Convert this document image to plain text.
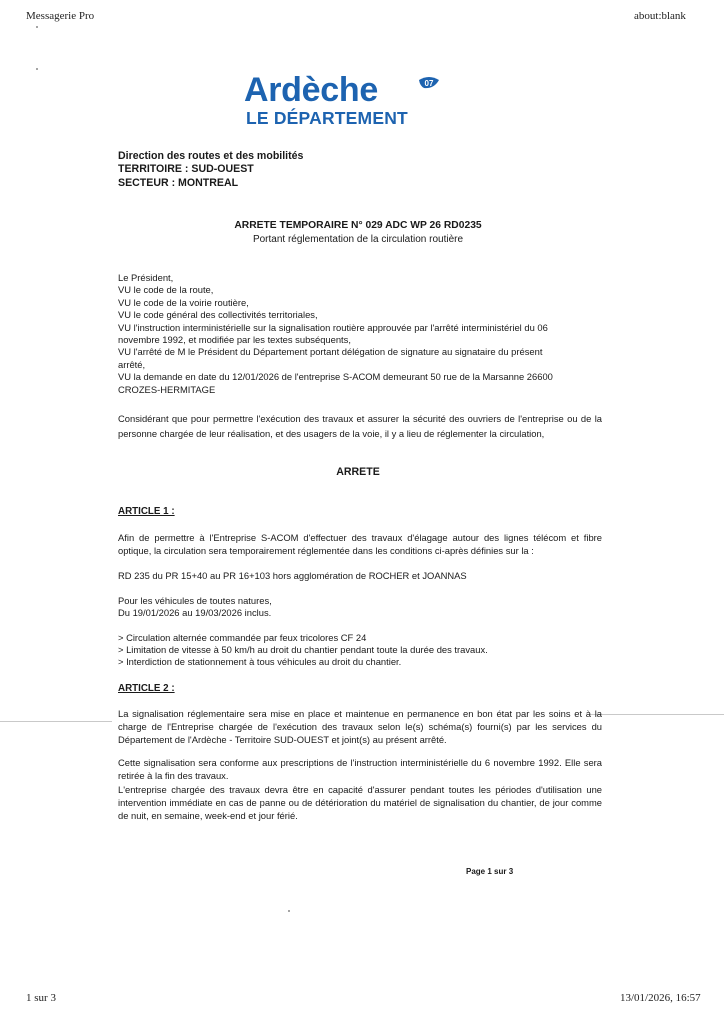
Messagerie Pro	about:blank
Ardèche	07
LE DÉPARTEMENT
Direction des routes et des mobilités
TERRITOIRE : SUD-OUEST
SECTEUR : MONTREAL
ARRETE TEMPORAIRE N° 029 ADC WP 26 RD0235
Portant réglementation de la circulation routière
Le Président,
VU le code de la route,
VU le code de la voirie routière,
VU le code général des collectivités territoriales,
VU l'instruction interministérielle sur la signalisation routière approuvée par l'arrêté interministériel du 06
novembre 1992, et modifiée par les textes subséquents,
VU l'arrêté de M le Président du Département portant délégation de signature au signataire du présent
arrêté,
VU la demande en date du 12/01/2026 de l'entreprise S-ACOM demeurant 50 rue de la Marsanne 26600
CROZES-HERMITAGE
Considérant que pour permettre l'exécution des travaux et assurer la sécurité des ouvriers de l'entreprise ou de la personne chargée de leur réalisation, et des usagers de la voie, il y a lieu de réglementer la circulation,
ARRETE
ARTICLE 1 :
Afin de permettre à l'Entreprise S-ACOM d'effectuer des travaux d'élagage autour des lignes télécom et fibre optique, la circulation sera temporairement réglementée dans les conditions ci-après définies sur la :
RD 235 du PR 15+40 au PR 16+103 hors agglomération de ROCHER et JOANNAS
Pour les véhicules de toutes natures,
Du 19/01/2026 au 19/03/2026 inclus.
> Circulation alternée commandée par feux tricolores CF 24
> Limitation de vitesse à 50 km/h au droit du chantier pendant toute la durée des travaux.
> Interdiction de stationnement à tous véhicules au droit du chantier.
ARTICLE 2 :
La signalisation réglementaire sera mise en place et maintenue en permanence en bon état par les soins et à la charge de l'Entreprise chargée de l'exécution des travaux selon le(s) schéma(s) fourni(s) par les services du Département de l'Ardèche - Territoire SUD-OUEST et joint(s) au présent arrêté.
Cette signalisation sera conforme aux prescriptions de l'instruction interministérielle du 6 novembre 1992. Elle sera retirée à la fin des travaux.
L'entreprise chargée des travaux devra être en capacité d'assurer pendant toutes les périodes d'utilisation une intervention immédiate en cas de panne ou de détérioration du matériel de signalisation du chantier, de jour comme de nuit, en semaine, week-end et jour férié.
Page 1 sur 3
1 sur 3	13/01/2026, 16:57
